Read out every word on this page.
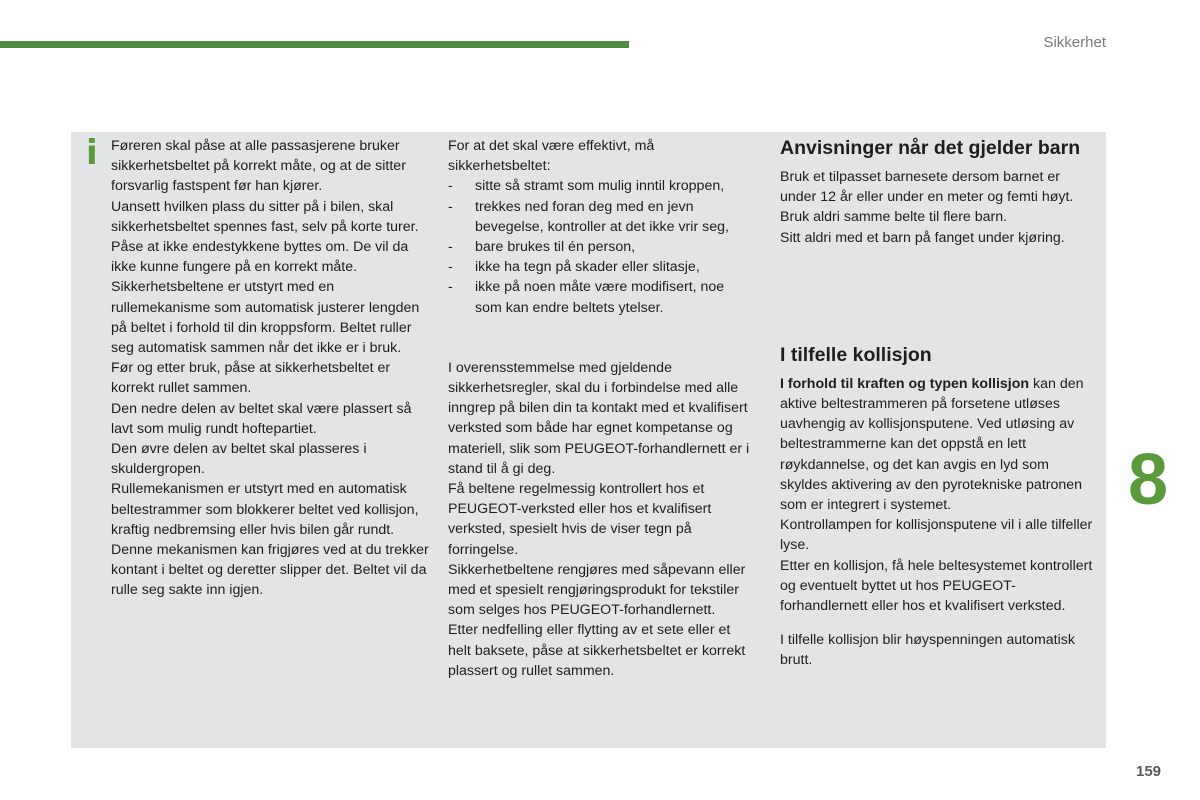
Sikkerhet
i Føreren skal påse at alle passasjerene bruker sikkerhetsbeltet på korrekt måte, og at de sitter forsvarlig fastspent før han kjører.

Uansett hvilken plass du sitter på i bilen, skal sikkerhetsbeltet spennes fast, selv på korte turer.

Påse at ikke endestykkene byttes om. De vil da ikke kunne fungere på en korrekt måte.

Sikkerhetsbeltene er utstyrt med en rullemekanisme som automatisk justerer lengden på beltet i forhold til din kroppsform. Beltet ruller seg automatisk sammen når det ikke er i bruk.

Før og etter bruk, påse at sikkerhetsbeltet er korrekt rullet sammen.

Den nedre delen av beltet skal være plassert så lavt som mulig rundt hoftepartiet.

Den øvre delen av beltet skal plasseres i skuldergropen.

Rullemekanismen er utstyrt med en automatisk beltestrammer som blokkerer beltet ved kollisjon, kraftig nedbremsing eller hvis bilen går rundt. Denne mekanismen kan frigjøres ved at du trekker kontant i beltet og deretter slipper det. Beltet vil da rulle seg sakte inn igjen.

For at det skal være effektivt, må sikkerhetsbeltet:

- sitte så stramt som mulig inntil kroppen,
- trekkes ned foran deg med en jevn bevegelse, kontroller at det ikke vrir seg,
- bare brukes til én person,
- ikke ha tegn på skader eller slitasje,
- ikke på noen måte være modifisert, noe som kan endre beltets ytelser.

I overensstemmelse med gjeldende sikkerhetsregler, skal du i forbindelse med alle inngrep på bilen din ta kontakt med et kvalifisert verksted som både har egnet kompetanse og materiell, slik som PEUGEOT-forhandlernett er i stand til å gi deg.

Få beltene regelmessig kontrollert hos et PEUGEOT-verksted eller hos et kvalifisert verksted, spesielt hvis de viser tegn på forringelse.

Sikkerhetbeltene rengjøres med såpevann eller med et spesielt rengjøringsprodukt for tekstiler som selges hos PEUGEOT-forhandlernett.

Etter nedfelling eller flytting av et sete eller et helt baksete, påse at sikkerhetsbeltet er korrekt plassert og rullet sammen.

Anvisninger når det gjelder barn

Bruk et tilpasset barnesete dersom barnet er under 12 år eller under en meter og femti høyt.

Bruk aldri samme belte til flere barn.

Sitt aldri med et barn på fanget under kjøring.

I tilfelle kollisjon

I forhold til kraften og typen kollisjon kan den aktive beltestrammeren på forsetene utløses uavhengig av kollisjonsputene. Ved utløsing av beltestrammerne kan det oppstå en lett røykdannelse, og det kan avgis en lyd som skyldes aktivering av den pyrotekniske patronen som er integrert i systemet.

Kontrollampen for kollisjonsputene vil i alle tilfeller lyse.

Etter en kollisjon, få hele beltesystemet kontrollert og eventuelt byttet ut hos PEUGEOT-forhandlernett eller hos et kvalifisert verksted.

I tilfelle kollisjon blir høyspenningen automatisk brutt.

8
159
